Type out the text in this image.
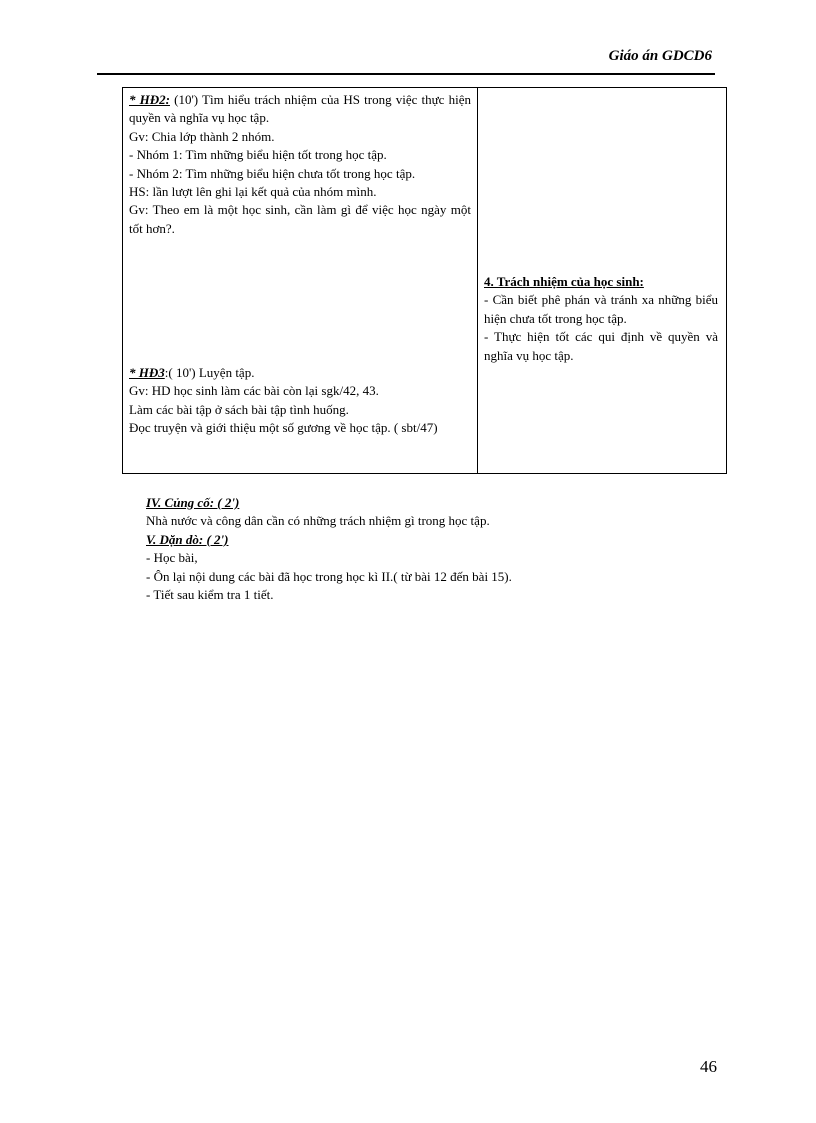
Giáo án GDCD6

* HĐ2: (10') Tìm hiểu trách nhiệm của HS trong việc thực hiện quyền và nghĩa vụ học tập.

Gv: Chia lớp thành 2 nhóm.

- Nhóm 1: Tìm những biểu hiện tốt trong học tập.

- Nhóm 2: Tìm những biểu hiện chưa tốt trong học tập.

HS: lần lượt lên ghi lại kết quả của nhóm mình.

Gv: Theo em là một học sinh, cần làm gì để việc học ngày một tốt hơn?.

* HĐ3:( 10') Luyện tập.

Gv: HD học sinh làm các bài còn lại sgk/42, 43.

Làm các bài tập ở sách bài tập tình huống.

Đọc truyện và giới thiệu một số gương về học tập. ( sbt/47)

4. Trách nhiệm của học sinh:

- Cần biết phê phán và tránh xa những biểu hiện chưa tốt trong học tập.

- Thực hiện tốt các qui định về quyền và nghĩa vụ học tập.

IV. Củng cố: ( 2')

Nhà nước và công dân cần có những trách nhiệm gì trong học tập.

V. Dặn dò: ( 2')

- Học bài,

- Ôn lại nội dung các bài đã học trong học kì II.( từ bài 12 đến bài 15).

- Tiết sau kiểm tra 1 tiết.

46
